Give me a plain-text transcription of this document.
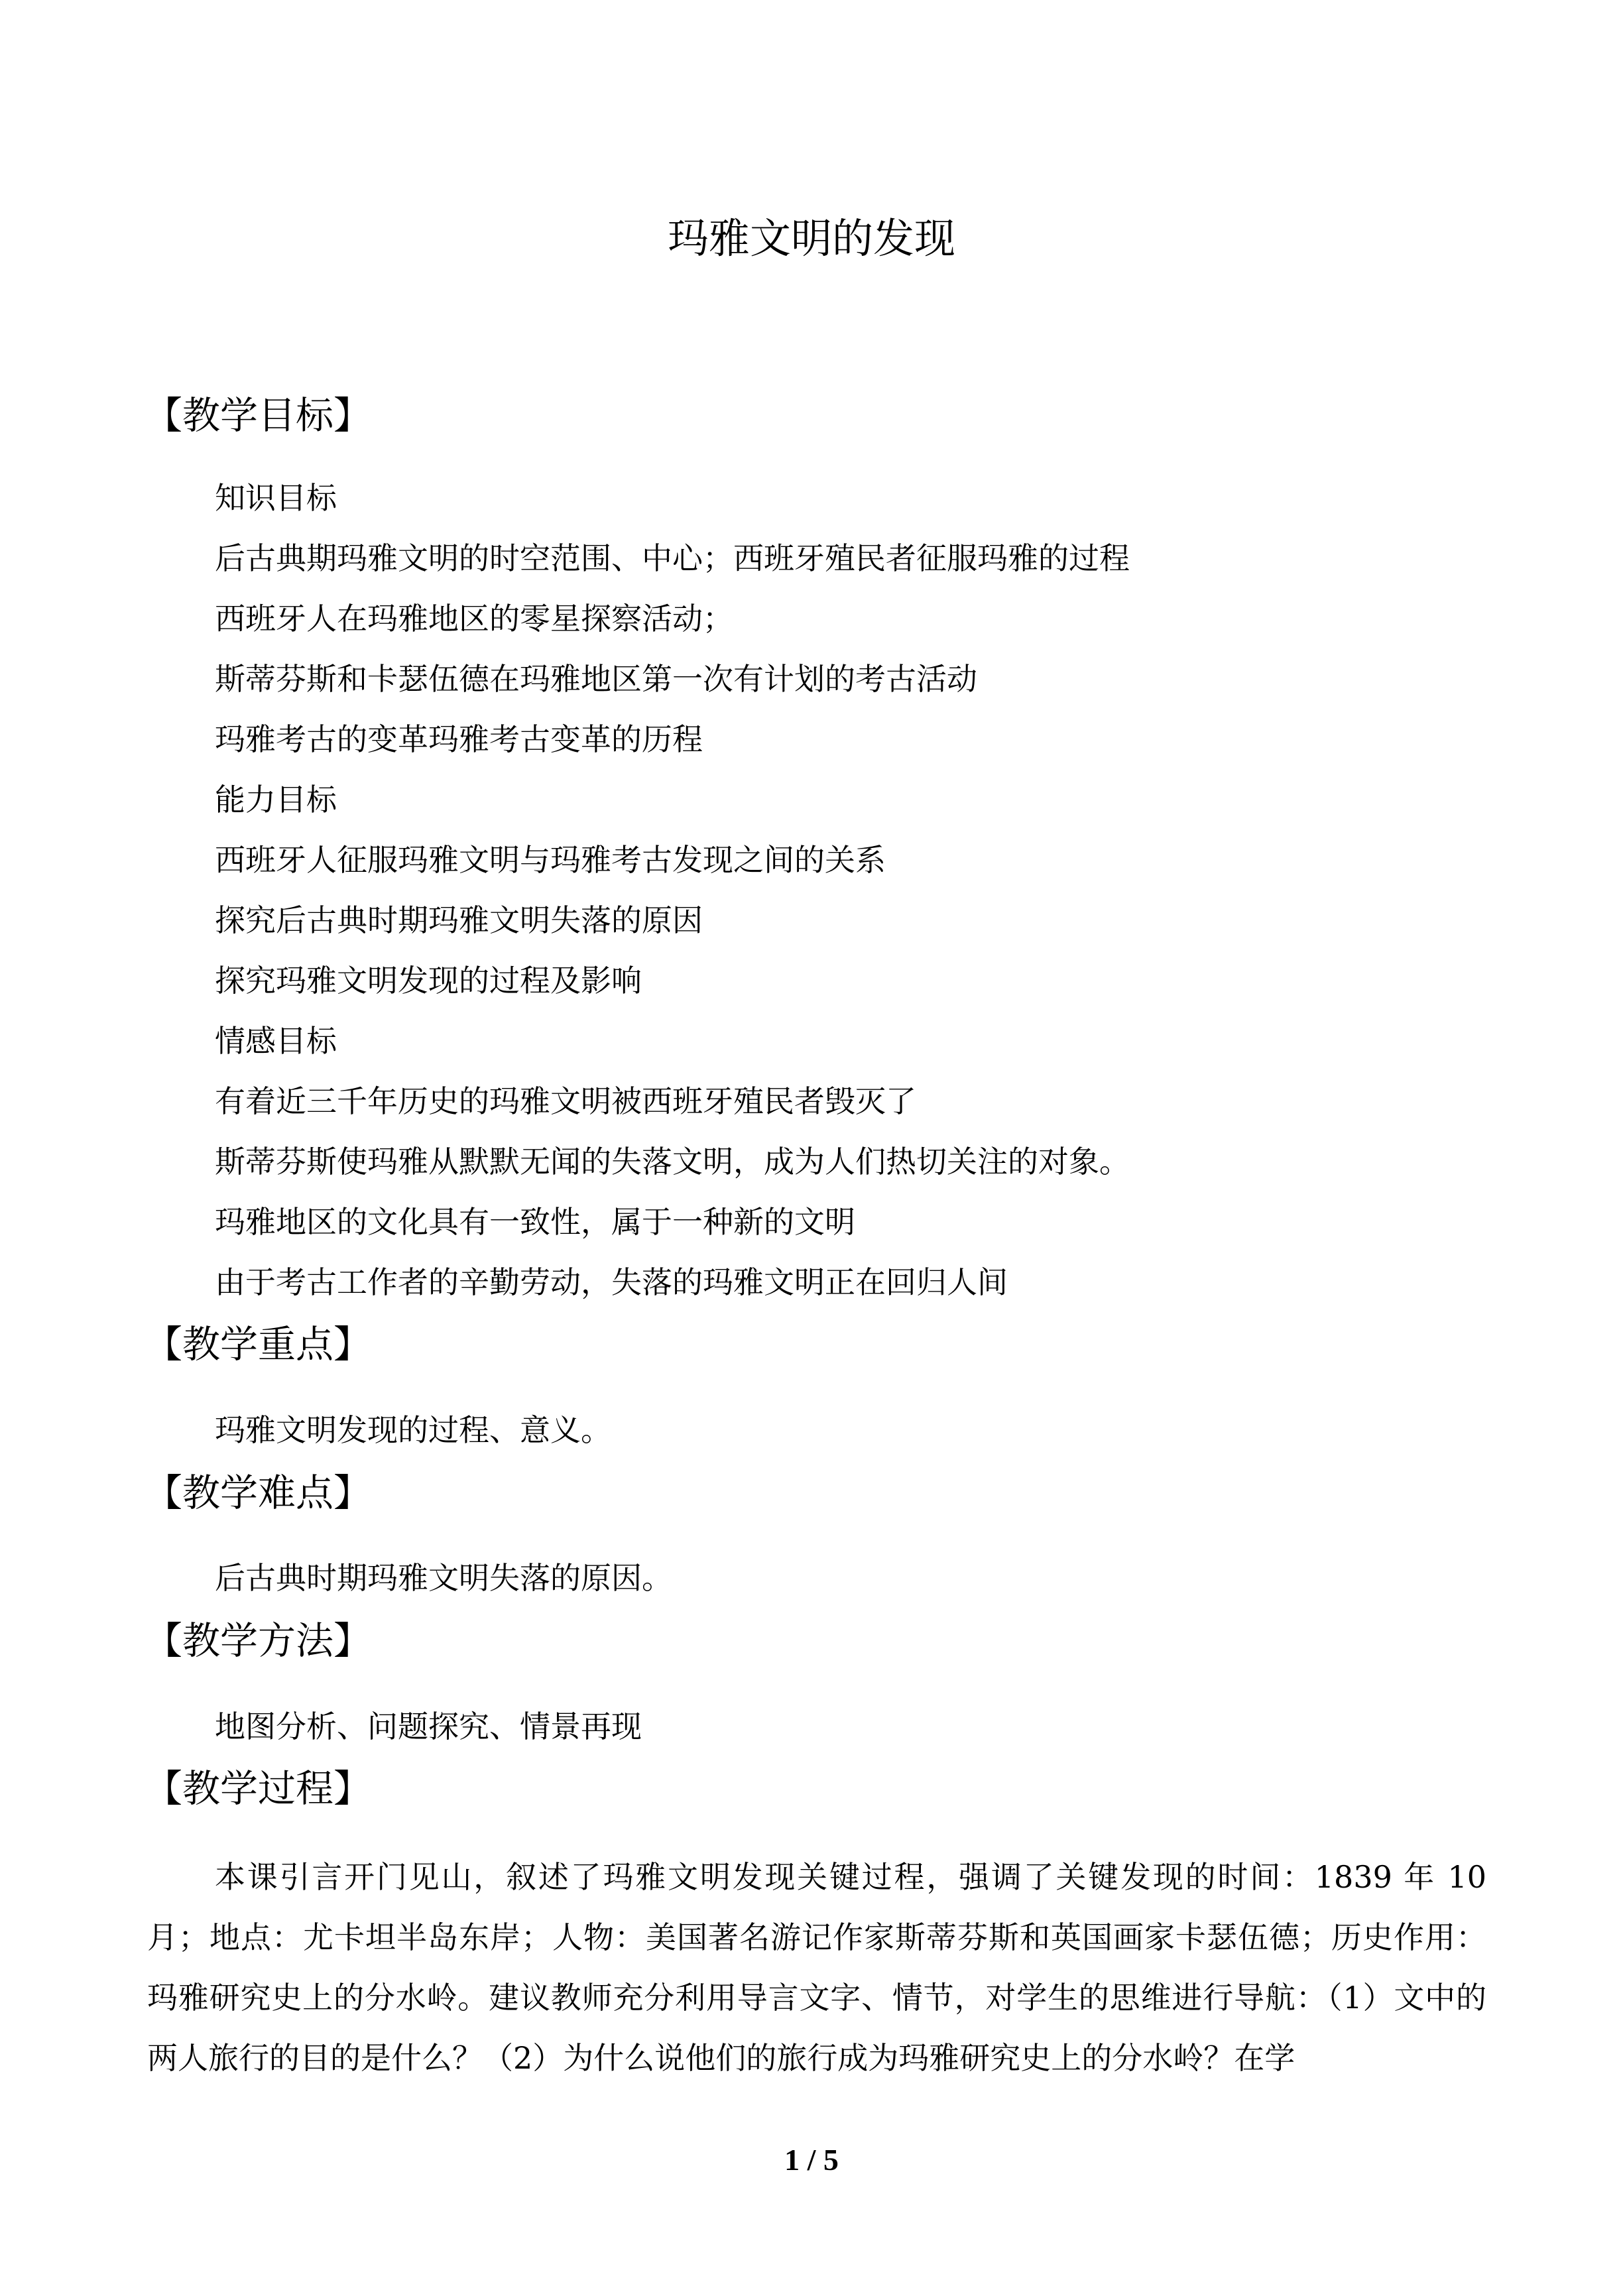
玛雅文明的发现
【教学目标】
知识目标
后古典期玛雅文明的时空范围、中心；西班牙殖民者征服玛雅的过程
西班牙人在玛雅地区的零星探察活动；
斯蒂芬斯和卡瑟伍德在玛雅地区第一次有计划的考古活动
玛雅考古的变革玛雅考古变革的历程
能力目标
西班牙人征服玛雅文明与玛雅考古发现之间的关系
探究后古典时期玛雅文明失落的原因
探究玛雅文明发现的过程及影响
情感目标
有着近三千年历史的玛雅文明被西班牙殖民者毁灭了
斯蒂芬斯使玛雅从默默无闻的失落文明，成为人们热切关注的对象。
玛雅地区的文化具有一致性，属于一种新的文明
由于考古工作者的辛勤劳动，失落的玛雅文明正在回归人间
【教学重点】
玛雅文明发现的过程、意义。
【教学难点】
后古典时期玛雅文明失落的原因。
【教学方法】
地图分析、问题探究、情景再现
【教学过程】
本课引言开门见山，叙述了玛雅文明发现关键过程，强调了关键发现的时间：1839 年 10 月；地点：尤卡坦半岛东岸；人物：美国著名游记作家斯蒂芬斯和英国画家卡瑟伍德；历史作用：玛雅研究史上的分水岭。建议教师充分利用导言文字、情节，对学生的思维进行导航：（1）文中的两人旅行的目的是什么？（2）为什么说他们的旅行成为玛雅研究史上的分水岭？在学
1 / 5
